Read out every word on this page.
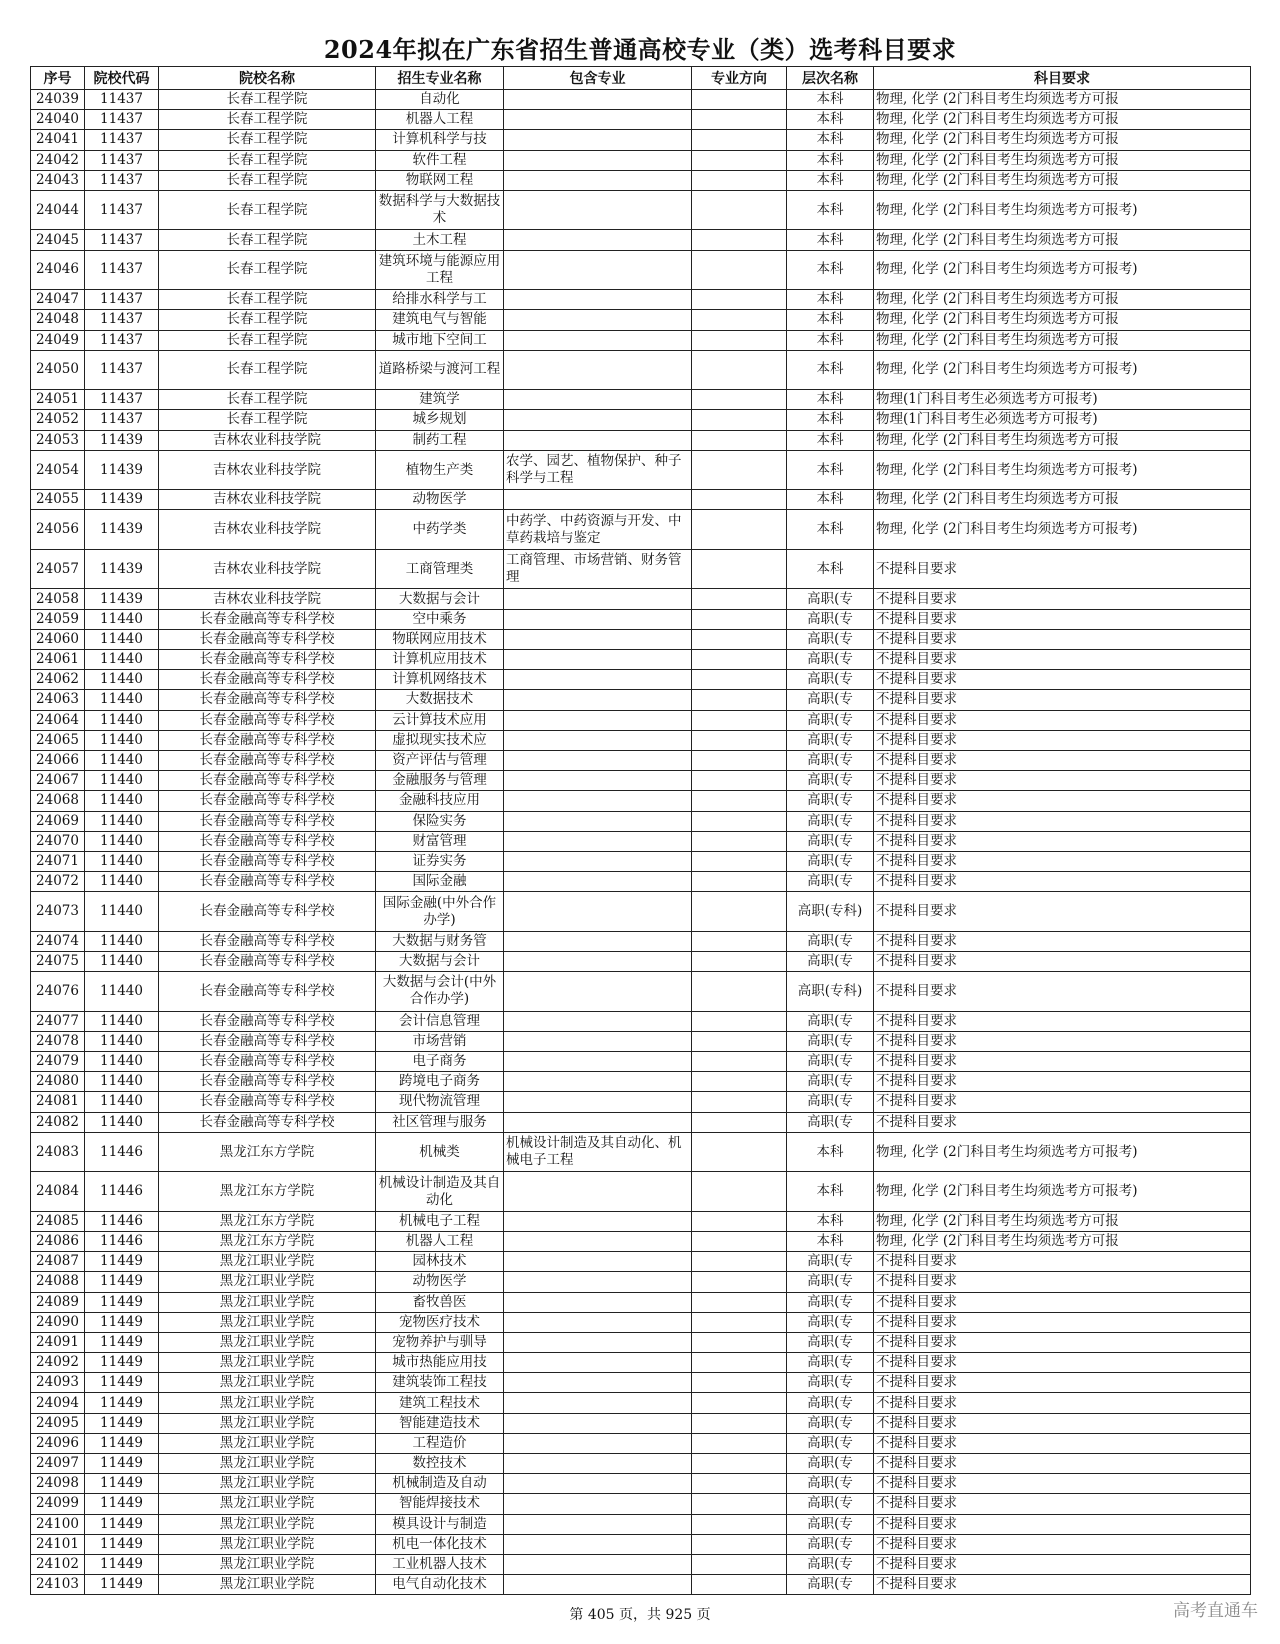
2024年拟在广东省招生普通高校专业（类）选考科目要求
序号	院校代码	院校名称	招生专业名称	包含专业	专业方向	层次名称	科目要求
24039	11437	长春工程学院	自动化			本科	物理, 化学 (2门科目考生均须选考方可报
24040	11437	长春工程学院	机器人工程			本科	物理, 化学 (2门科目考生均须选考方可报
24041	11437	长春工程学院	计算机科学与技			本科	物理, 化学 (2门科目考生均须选考方可报
24042	11437	长春工程学院	软件工程			本科	物理, 化学 (2门科目考生均须选考方可报
24043	11437	长春工程学院	物联网工程			本科	物理, 化学 (2门科目考生均须选考方可报
24044	11437	长春工程学院	数据科学与大数据技术			本科	物理, 化学 (2门科目考生均须选考方可报考)
24045	11437	长春工程学院	土木工程			本科	物理, 化学 (2门科目考生均须选考方可报
24046	11437	长春工程学院	建筑环境与能源应用工程			本科	物理, 化学 (2门科目考生均须选考方可报考)
24047	11437	长春工程学院	给排水科学与工			本科	物理, 化学 (2门科目考生均须选考方可报
24048	11437	长春工程学院	建筑电气与智能			本科	物理, 化学 (2门科目考生均须选考方可报
24049	11437	长春工程学院	城市地下空间工			本科	物理, 化学 (2门科目考生均须选考方可报
24050	11437	长春工程学院	道路桥梁与渡河工程			本科	物理, 化学 (2门科目考生均须选考方可报考)
24051	11437	长春工程学院	建筑学			本科	物理(1门科目考生必须选考方可报考)
24052	11437	长春工程学院	城乡规划			本科	物理(1门科目考生必须选考方可报考)
24053	11439	吉林农业科技学院	制药工程			本科	物理, 化学 (2门科目考生均须选考方可报
24054	11439	吉林农业科技学院	植物生产类	农学、园艺、植物保护、种子科学与工程		本科	物理, 化学 (2门科目考生均须选考方可报考)
24055	11439	吉林农业科技学院	动物医学			本科	物理, 化学 (2门科目考生均须选考方可报
24056	11439	吉林农业科技学院	中药学类	中药学、中药资源与开发、中草药栽培与鉴定		本科	物理, 化学 (2门科目考生均须选考方可报考)
24057	11439	吉林农业科技学院	工商管理类	工商管理、市场营销、财务管理		本科	不提科目要求
24058	11439	吉林农业科技学院	大数据与会计			高职(专	不提科目要求
24059	11440	长春金融高等专科学校	空中乘务			高职(专	不提科目要求
24060	11440	长春金融高等专科学校	物联网应用技术			高职(专	不提科目要求
24061	11440	长春金融高等专科学校	计算机应用技术			高职(专	不提科目要求
24062	11440	长春金融高等专科学校	计算机网络技术			高职(专	不提科目要求
24063	11440	长春金融高等专科学校	大数据技术			高职(专	不提科目要求
24064	11440	长春金融高等专科学校	云计算技术应用			高职(专	不提科目要求
24065	11440	长春金融高等专科学校	虚拟现实技术应			高职(专	不提科目要求
24066	11440	长春金融高等专科学校	资产评估与管理			高职(专	不提科目要求
24067	11440	长春金融高等专科学校	金融服务与管理			高职(专	不提科目要求
24068	11440	长春金融高等专科学校	金融科技应用			高职(专	不提科目要求
24069	11440	长春金融高等专科学校	保险实务			高职(专	不提科目要求
24070	11440	长春金融高等专科学校	财富管理			高职(专	不提科目要求
24071	11440	长春金融高等专科学校	证券实务			高职(专	不提科目要求
24072	11440	长春金融高等专科学校	国际金融			高职(专	不提科目要求
24073	11440	长春金融高等专科学校	国际金融(中外合作办学)			高职(专科)	不提科目要求
24074	11440	长春金融高等专科学校	大数据与财务管			高职(专	不提科目要求
24075	11440	长春金融高等专科学校	大数据与会计			高职(专	不提科目要求
24076	11440	长春金融高等专科学校	大数据与会计(中外合作办学)			高职(专科)	不提科目要求
24077	11440	长春金融高等专科学校	会计信息管理			高职(专	不提科目要求
24078	11440	长春金融高等专科学校	市场营销			高职(专	不提科目要求
24079	11440	长春金融高等专科学校	电子商务			高职(专	不提科目要求
24080	11440	长春金融高等专科学校	跨境电子商务			高职(专	不提科目要求
24081	11440	长春金融高等专科学校	现代物流管理			高职(专	不提科目要求
24082	11440	长春金融高等专科学校	社区管理与服务			高职(专	不提科目要求
24083	11446	黑龙江东方学院	机械类	机械设计制造及其自动化、机械电子工程		本科	物理, 化学 (2门科目考生均须选考方可报考)
24084	11446	黑龙江东方学院	机械设计制造及其自动化			本科	物理, 化学 (2门科目考生均须选考方可报考)
24085	11446	黑龙江东方学院	机械电子工程			本科	物理, 化学 (2门科目考生均须选考方可报
24086	11446	黑龙江东方学院	机器人工程			本科	物理, 化学 (2门科目考生均须选考方可报
24087	11449	黑龙江职业学院	园林技术			高职(专	不提科目要求
24088	11449	黑龙江职业学院	动物医学			高职(专	不提科目要求
24089	11449	黑龙江职业学院	畜牧兽医			高职(专	不提科目要求
24090	11449	黑龙江职业学院	宠物医疗技术			高职(专	不提科目要求
24091	11449	黑龙江职业学院	宠物养护与驯导			高职(专	不提科目要求
24092	11449	黑龙江职业学院	城市热能应用技			高职(专	不提科目要求
24093	11449	黑龙江职业学院	建筑装饰工程技			高职(专	不提科目要求
24094	11449	黑龙江职业学院	建筑工程技术			高职(专	不提科目要求
24095	11449	黑龙江职业学院	智能建造技术			高职(专	不提科目要求
24096	11449	黑龙江职业学院	工程造价			高职(专	不提科目要求
24097	11449	黑龙江职业学院	数控技术			高职(专	不提科目要求
24098	11449	黑龙江职业学院	机械制造及自动			高职(专	不提科目要求
24099	11449	黑龙江职业学院	智能焊接技术			高职(专	不提科目要求
24100	11449	黑龙江职业学院	模具设计与制造			高职(专	不提科目要求
24101	11449	黑龙江职业学院	机电一体化技术			高职(专	不提科目要求
24102	11449	黑龙江职业学院	工业机器人技术			高职(专	不提科目要求
24103	11449	黑龙江职业学院	电气自动化技术			高职(专	不提科目要求
第 405 页，共 925 页	高考直通车
